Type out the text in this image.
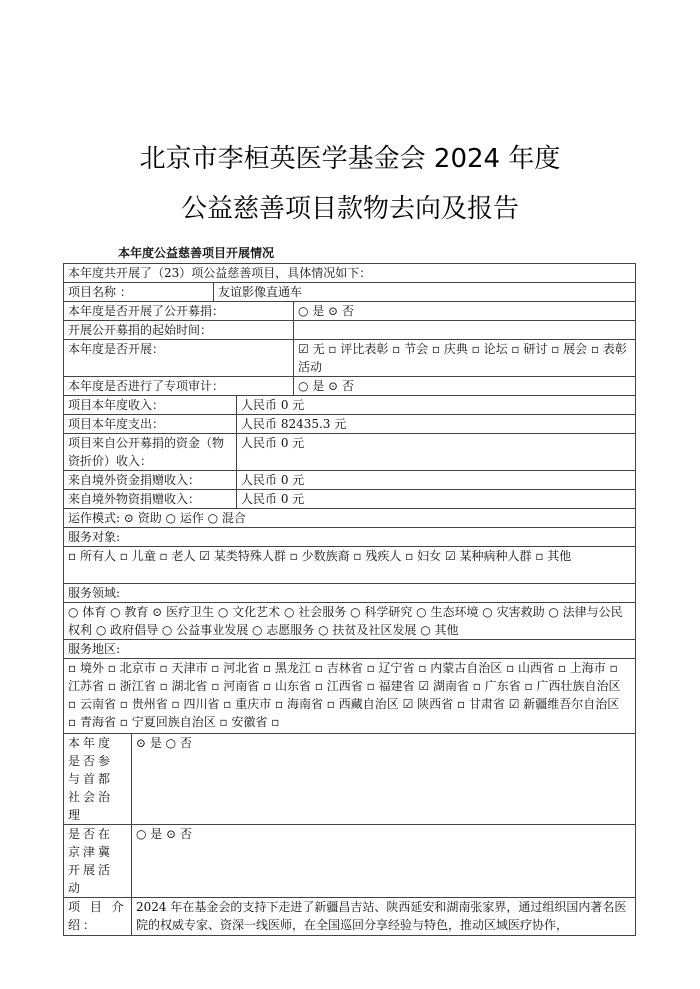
北京市李桓英医学基金会 2024 年度
公益慈善项目款物去向及报告
本年度公益慈善项目开展情况
本年度共开展了（23）项公益慈善项目，具体情况如下：				
项目名称 ：		友谊影像直通车		
本年度是否开展了公开募捐：				○ 是 ⊙ 否
开展公开募捐的起始时间：				
本年度是否开展：				☑ 无 ▫ 评比表彰 ▫ 节会 ▫ 庆典 ▫ 论坛 ▫ 研讨 ▫ 展会 ▫ 表彰活动
本年度是否进行了专项审计：				○ 是 ⊙ 否
项目本年度收入：			人民币 0 元	
项目本年度支出：			人民币 82435.3 元	
项目来自公开募捐的资金（物资折价）收入：			人民币 0 元	
来自境外资金捐赠收入：			人民币 0 元	
来自境外物资捐赠收入：			人民币 0 元	
运作模式: ⊙ 资助 ○ 运作 ○ 混合				
服务对象:				
▫ 所有人 ▫ 儿童 ▫ 老人 ☑ 某类特殊人群 ▫ 少数族裔 ▫ 残疾人 ▫ 妇女 ☑ 某种病种人群 ▫ 其他				
服务领域:				
○ 体育 ○ 教育 ⊙ 医疗卫生 ○ 文化艺术 ○ 社会服务 ○ 科学研究 ○ 生态环境 ○ 灾害救助 ○ 法律与公民权利 ○ 政府倡导 ○ 公益事业发展 ○ 志愿服务 ○ 扶贫及社区发展 ○ 其他				
服务地区:				
▫ 境外 ▫ 北京市 ▫ 天津市 ▫ 河北省 ▫ 黑龙江 ▫ 吉林省 ▫ 辽宁省 ▫ 内蒙古自治区 ▫ 山西省 ▫ 上海市 ▫ 江苏省 ▫ 浙江省 ▫ 湖北省 ▫ 河南省 ▫ 山东省 ▫ 江西省 ▫ 福建省 ☑ 湖南省 ▫ 广东省 ▫ 广西壮族自治区 ▫ 云南省 ▫ 贵州省 ▫ 四川省 ▫ 重庆市 ▫ 海南省 ▫ 西藏自治区 ☑ 陕西省 ▫ 甘肃省 ☑ 新疆维吾尔自治区 ▫ 青海省 ▫ 宁夏回族自治区 ▫ 安徽省 ▫				
本年度是否参与首都社会治理	⊙ 是 ○ 否			
是否在京津冀开展活动	○ 是 ⊙ 否			
项 目 介绍：	2024 年在基金会的支持下走进了新疆昌吉站、陕西延安和湖南张家界，通过组织国内著名医院的权威专家、资深一线医师，在全国巡回分享经验与特色，推动区域医疗协作，			
